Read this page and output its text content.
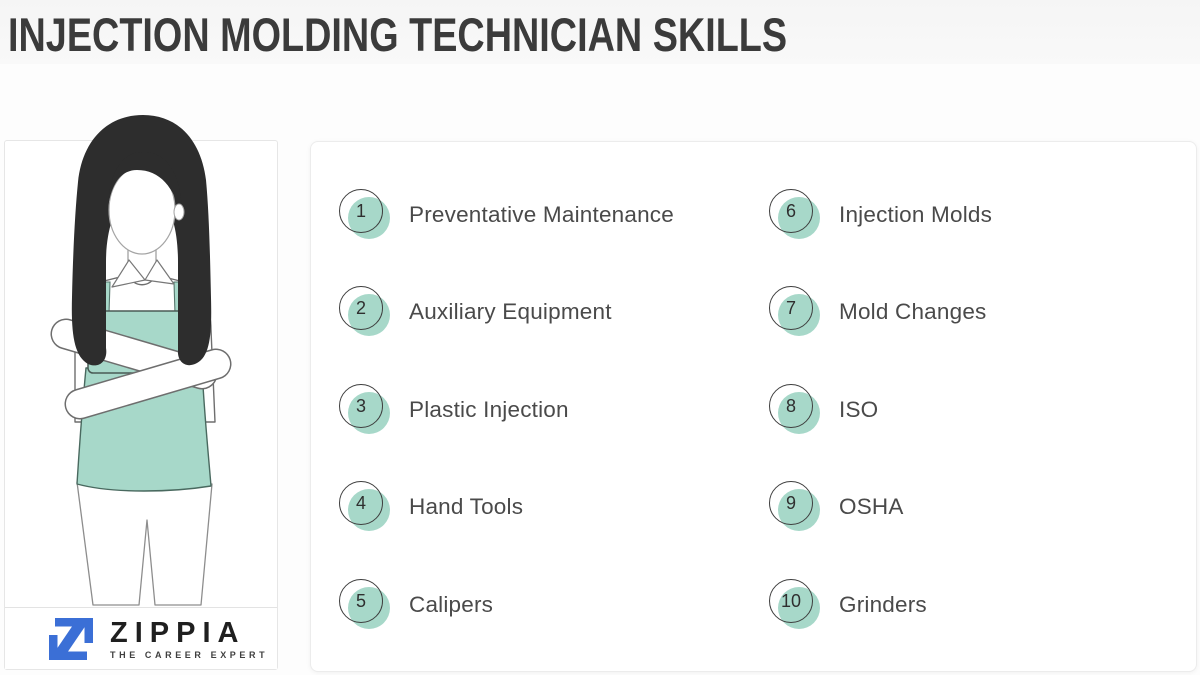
INJECTION MOLDING TECHNICIAN SKILLS
ZIPPIA
THE CAREER EXPERT
1	Preventative Maintenance
2	Auxiliary Equipment
3	Plastic Injection
4	Hand Tools
5	Calipers
6	Injection Molds
7	Mold Changes
8	ISO
9	OSHA
10	Grinders
